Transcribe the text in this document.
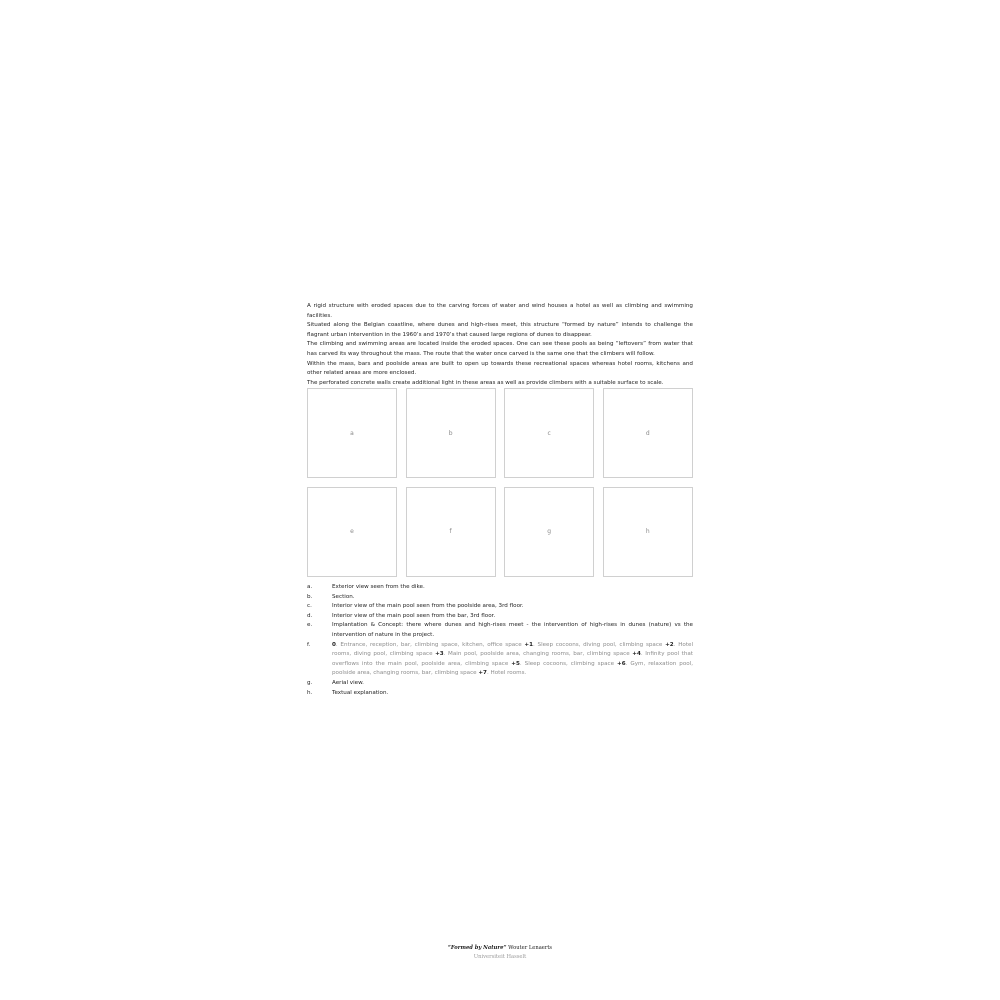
A rigid structure with eroded spaces due to the carving forces of water and wind houses a hotel as well as climbing and swimming facilities.

Situated along the Belgian coastline, where dunes and high-rises meet, this structure “formed by nature” intends to challenge the flagrant urban intervention in the 1960’s and 1970’s that caused large regions of dunes to disappear.

The climbing and swimming areas are located inside the eroded spaces. One can see these pools as being “leftovers” from water that has carved its way throughout the mass. The route that the water once carved is the same one that the climbers will follow.

Within the mass, bars and poolside areas are built to open up towards these recreational spaces whereas hotel rooms, kitchens and other related areas are more enclosed.

The perforated concrete walls create additional light in these areas as well as provide climbers with a suitable surface to scale.

a	b	c	d
e	f	g	h
a.	Exterior view seen from the dike.
b.	Section.
c.	Interior view of the main pool seen from the poolside area, 3rd floor.
d.	Interior view of the main pool seen from the bar, 3rd floor.
e.	Implantation & Concept: there where dunes and high-rises meet - the intervention of high-rises in dunes (nature) vs the intervention of nature in the project.
f.	0. Entrance, reception, bar, climbing space, kitchen, office space +1. Sleep cocoons, diving pool, climbing space +2. Hotel rooms, diving pool, climbing space +3. Main pool, poolside area, changing rooms, bar, climbing space +4. Infinity pool that overflows into the main pool, poolside area, climbing space +5. Sleep cocoons, climbing space +6. Gym, relaxation pool, poolside area, changing rooms, bar, climbing space +7. Hotel rooms.
g.	Aerial view.
h.	Textual explanation.
“Formed by Nature” Wouter Lenaerts
Universiteit Hasselt
